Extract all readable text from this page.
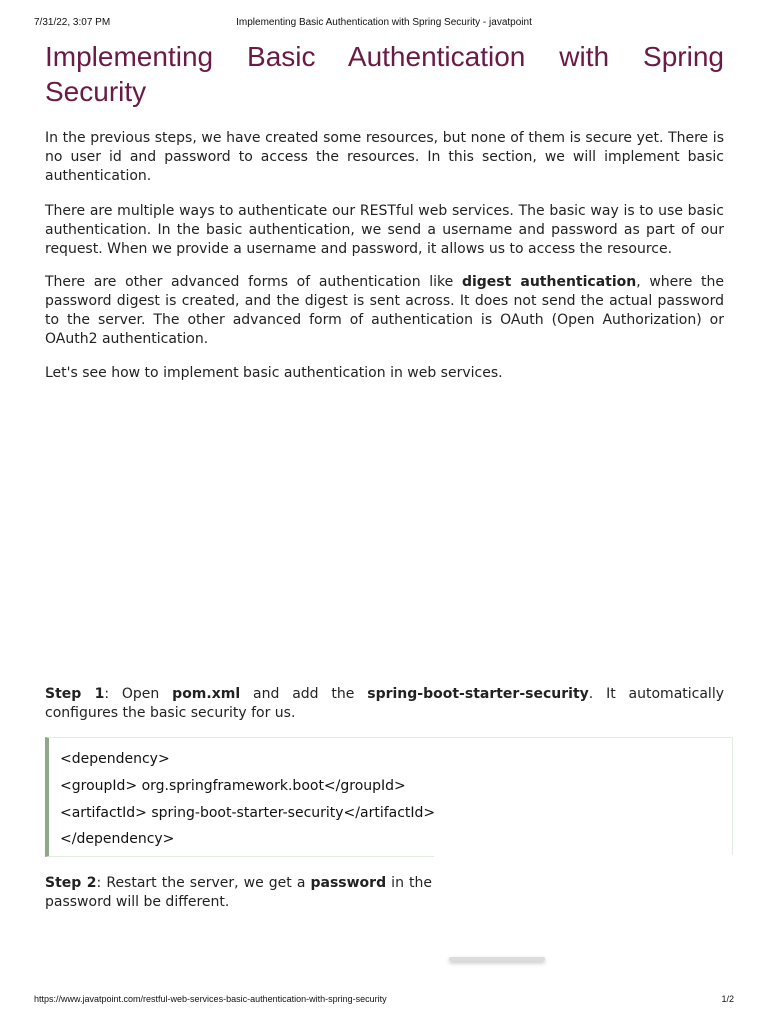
7/31/22, 3:07 PM	Implementing Basic Authentication with Spring Security - javatpoint
Implementing Basic Authentication with Spring Security

In the previous steps, we have created some resources, but none of them is secure yet. There is no user id and password to access the resources. In this section, we will implement basic authentication.

There are multiple ways to authenticate our RESTful web services. The basic way is to use basic authentication. In the basic authentication, we send a username and password as part of our request. When we provide a username and password, it allows us to access the resource.

There are other advanced forms of authentication like digest authentication, where the password digest is created, and the digest is sent across. It does not send the actual password to the server. The other advanced form of authentication is OAuth (Open Authorization) or OAuth2 authentication.

Let's see how to implement basic authentication in web services.

Step 1: Open pom.xml and add the spring-boot-starter-security. It automatically configures the basic security for us.

<dependency>
<groupId> org.springframework.boot</groupId>
<artifactId> spring-boot-starter-security</artifactId>
</dependency>

Step 2: Restart the server, we get a password in the password will be different.

https://www.javatpoint.com/restful-web-services-basic-authentication-with-spring-security	1/2
